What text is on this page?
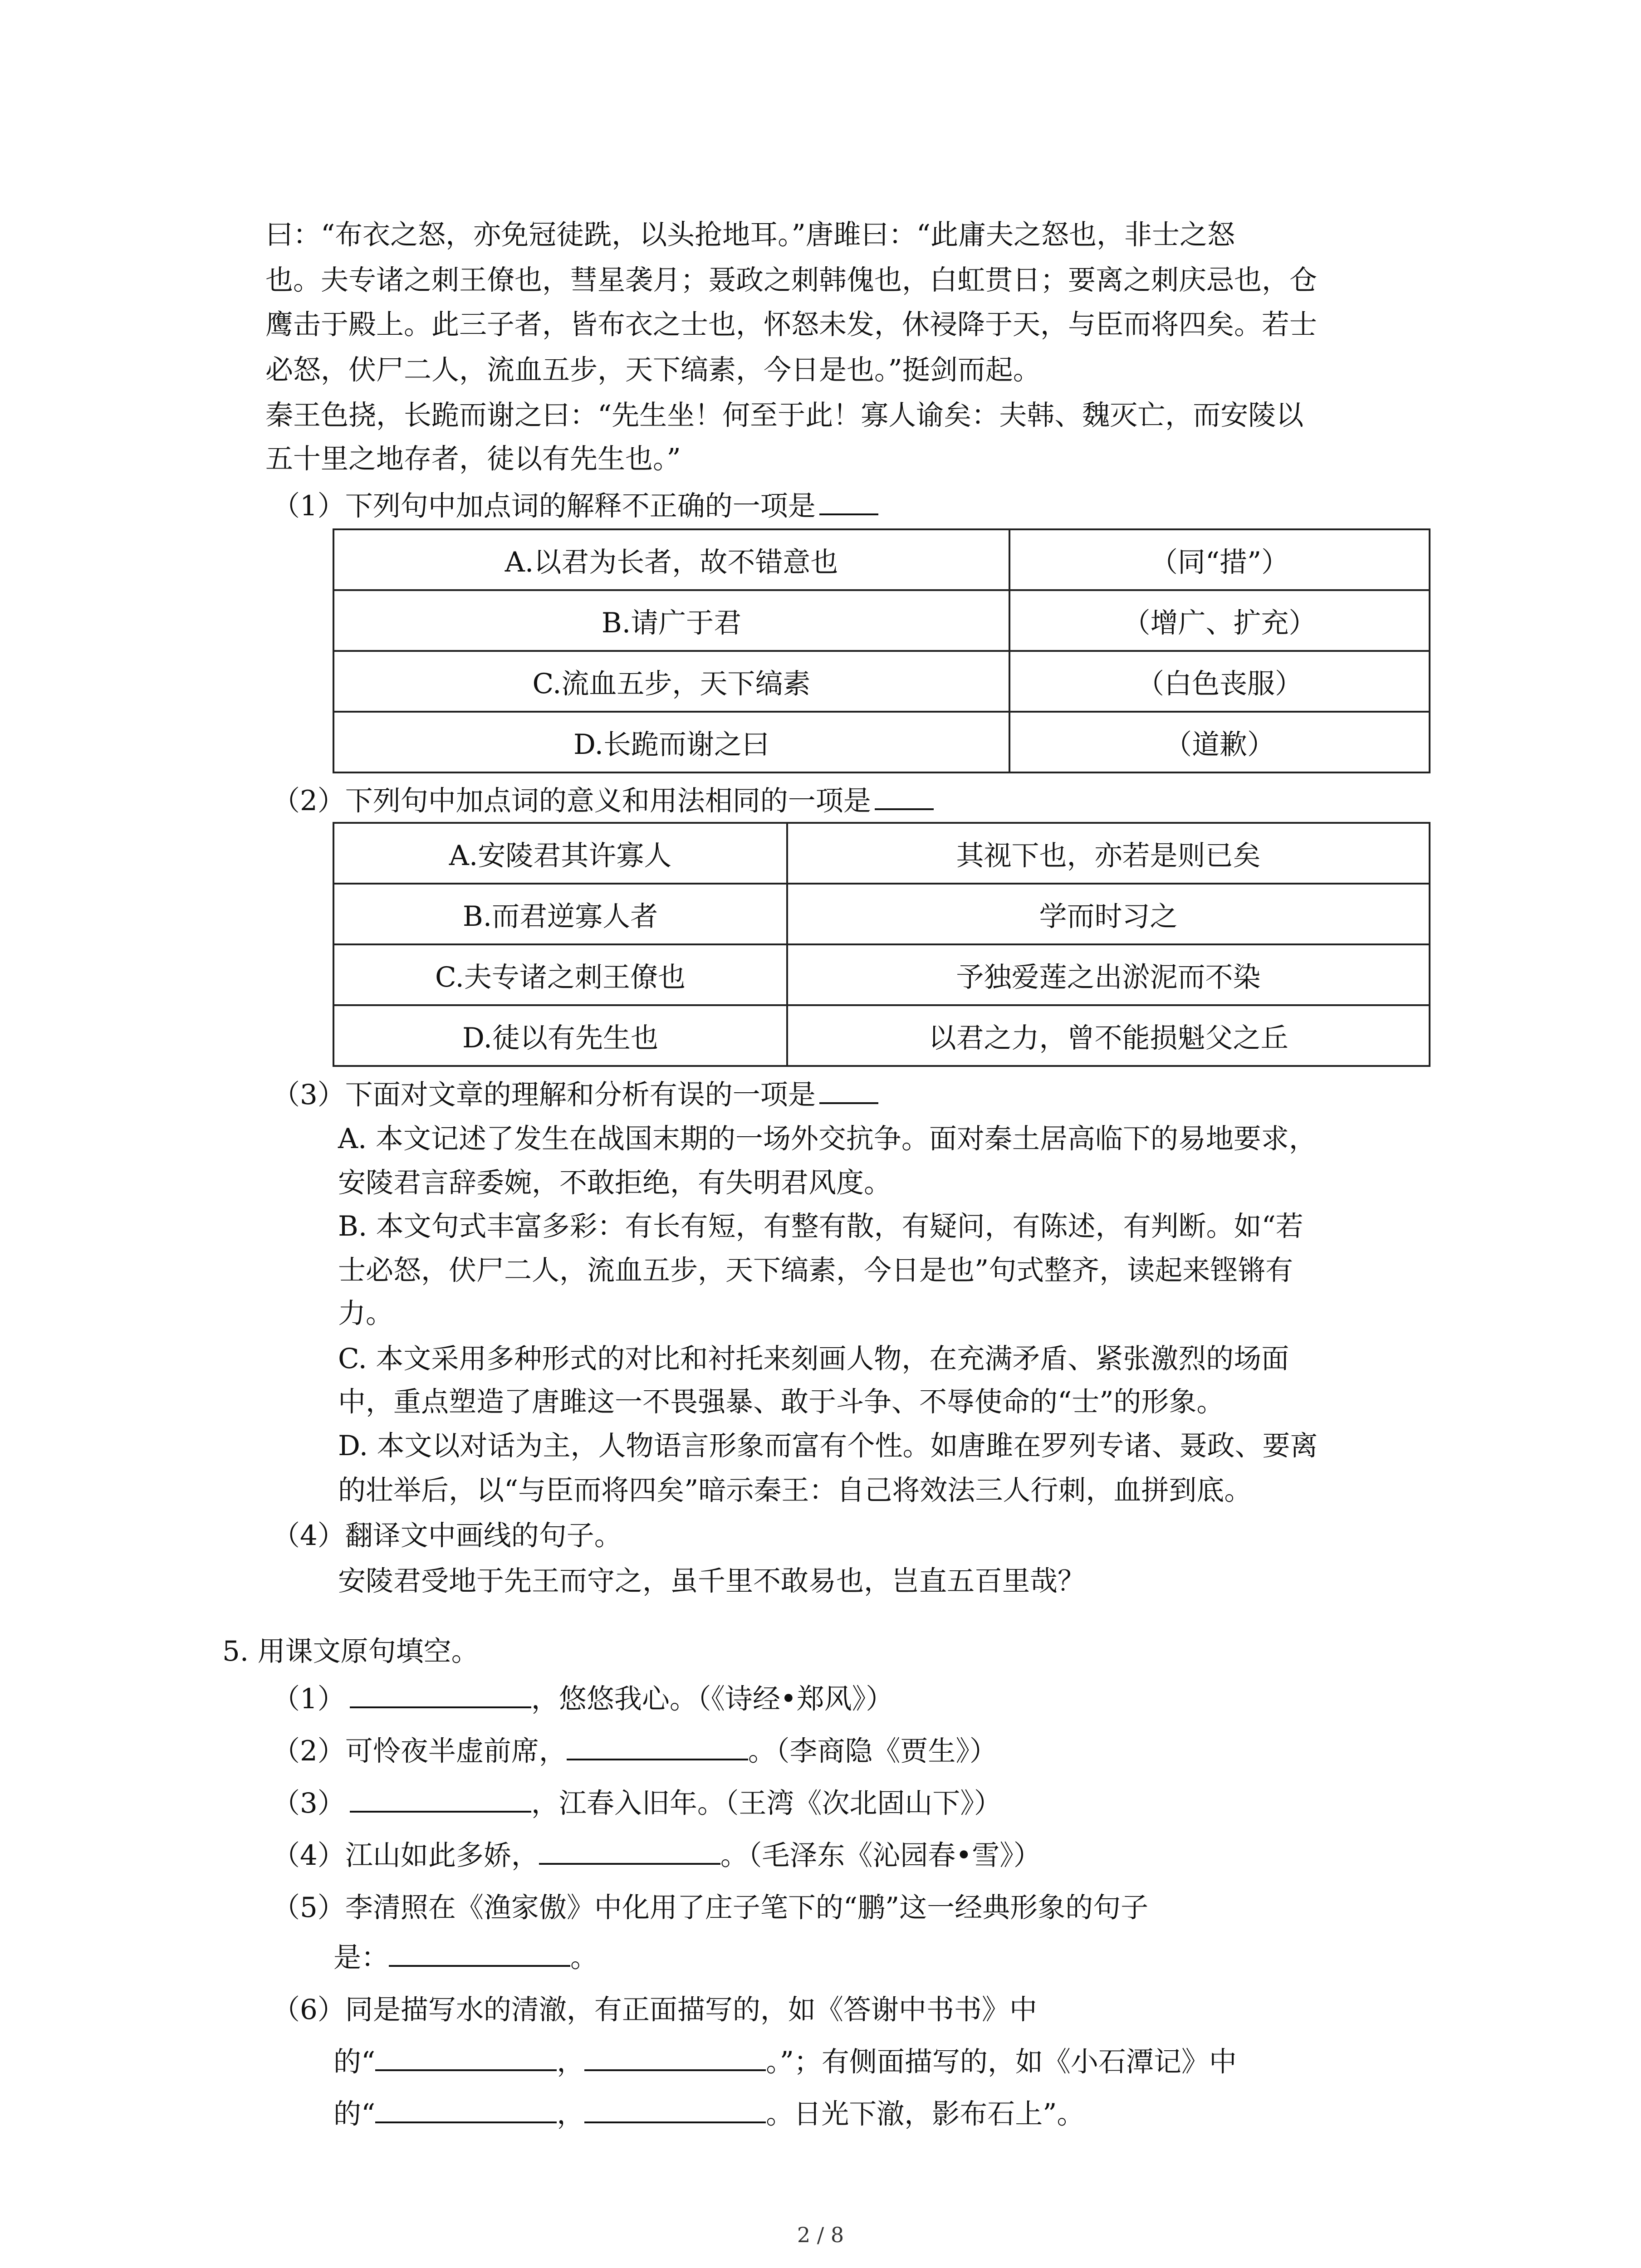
曰：“布衣之怒，亦免冠徒跣，以头抢地耳。”唐雎曰：“此庸夫之怒也，非士之怒
也。夫专诸之刺王僚也，彗星袭月；聂政之刺韩傀也，白虹贯日；要离之刺庆忌也，仓
鹰击于殿上。此三子者，皆布衣之士也，怀怒未发，休祲降于天，与臣而将四矣。若士
必怒，伏尸二人，流血五步，天下缟素，今日是也。”挺剑而起。
秦王色挠，长跪而谢之曰：“先生坐！何至于此！寡人谕矣：夫韩、魏灭亡，而安陵以
五十里之地存者，徒以有先生也。”
（1）下列句中加点词的解释不正确的一项是
A.以君为长者，故不错意也	（同“措”）
B.请广于君	（增广、扩充）
C.流血五步，天下缟素	（白色丧服）
D.长跪而谢之曰	（道歉）
（2）下列句中加点词的意义和用法相同的一项是
A.安陵君其许寡人	其视下也，亦若是则已矣
B.而君逆寡人者	学而时习之
C.夫专诸之刺王僚也	予独爱莲之出淤泥而不染
D.徒以有先生也	以君之力，曾不能损魁父之丘
（3）下面对文章的理解和分析有误的一项是
A. 本文记述了发生在战国末期的一场外交抗争。面对秦土居高临下的易地要求，
安陵君言辞委婉，不敢拒绝，有失明君风度。
B. 本文句式丰富多彩：有长有短，有整有散，有疑问，有陈述，有判断。如“若
士必怒，伏尸二人，流血五步，天下缟素，今日是也”句式整齐，读起来铿锵有
力。
C. 本文采用多种形式的对比和衬托来刻画人物，在充满矛盾、紧张激烈的场面
中，重点塑造了唐雎这一不畏强暴、敢于斗争、不辱使命的“士”的形象。
D. 本文以对话为主，人物语言形象而富有个性。如唐雎在罗列专诸、聂政、要离
的壮举后，以“与臣而将四矣”暗示秦王：自己将效法三人行刺，血拼到底。
（4）翻译文中画线的句子。
安陵君受地于先王而守之，虽千里不敢易也，岂直五百里哉？
5. 用课文原句填空。
（1）	，悠悠我心。（《诗经•郑风》）
（2）可怜夜半虚前席，	。（李商隐《贾生》）
（3）	，江春入旧年。（王湾《次北固山下》）
（4）江山如此多娇，	。（毛泽东《沁园春•雪》）
（5）李清照在《渔家傲》中化用了庄子笔下的“鹏”这一经典形象的句子
是：	。
（6）同是描写水的清澈，有正面描写的，如《答谢中书书》中
的“	，	。”；有侧面描写的，如《小石潭记》中
的“	，	。日光下澈，影布石上”。
2 / 8
